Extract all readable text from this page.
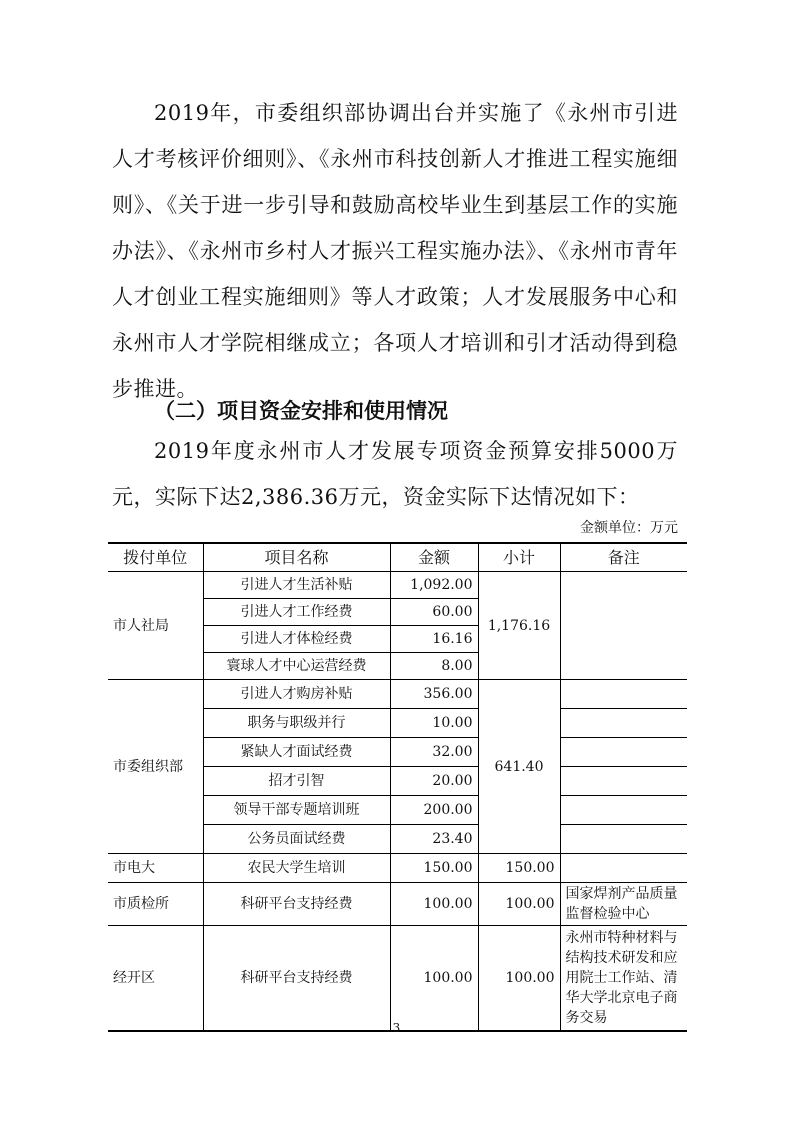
2019年，市委组织部协调出台并实施了《永州市引进人才考核评价细则》、《永州市科技创新人才推进工程实施细则》、《关于进一步引导和鼓励高校毕业生到基层工作的实施办法》、《永州市乡村人才振兴工程实施办法》、《永州市青年人才创业工程实施细则》等人才政策；人才发展服务中心和永州市人才学院相继成立；各项人才培训和引才活动得到稳步推进。

（二）项目资金安排和使用情况

2019年度永州市人才发展专项资金预算安排5000万元，实际下达2,386.36万元，资金实际下达情况如下：

金额单位：万元
拨付单位	项目名称	金额	小计	备注
市人社局	引进人才生活补贴	1,092.00	1,176.16	
	引进人才工作经费	60.00		
	引进人才体检经费	16.16		
	寰球人才中心运营经费	8.00		
市委组织部	引进人才购房补贴	356.00	641.40	
	职务与职级并行	10.00		
	紧缺人才面试经费	32.00		
	招才引智	20.00		
	领导干部专题培训班	200.00		
	公务员面试经费	23.40		
市电大	农民大学生培训	150.00	150.00	
市质检所	科研平台支持经费	100.00	100.00	国家焊剂产品质量监督检验中心
经开区	科研平台支持经费	100.00	100.00	永州市特种材料与结构技术研发和应用院士工作站、清华大学北京电子商务交易
3
